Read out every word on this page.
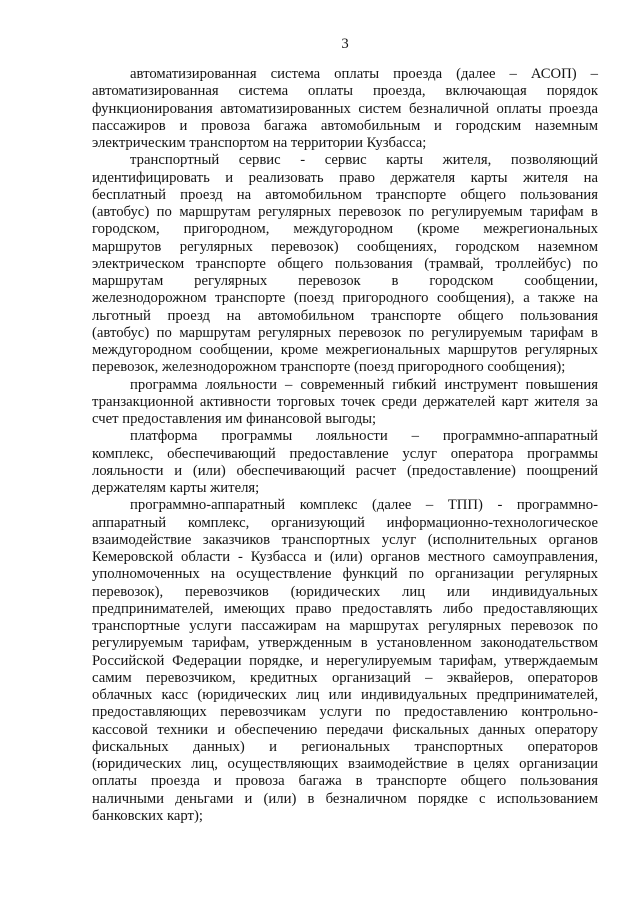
3
автоматизированная система оплаты проезда (далее – АСОП) –
автоматизированная система оплаты проезда, включающая порядок
функционирования автоматизированных систем безналичной оплаты проезда
пассажиров и провоза багажа автомобильным и городским наземным
электрическим транспортом на территории Кузбасса;
транспортный сервис - сервис карты жителя, позволяющий
идентифицировать и реализовать право держателя карты жителя на
бесплатный проезд на автомобильном транспорте общего пользования
(автобус) по маршрутам регулярных перевозок по регулируемым тарифам в
городском, пригородном, междугородном (кроме межрегиональных
маршрутов регулярных перевозок) сообщениях, городском наземном
электрическом транспорте общего пользования (трамвай, троллейбус) по
маршрутам регулярных перевозок в городском сообщении,
железнодорожном транспорте (поезд пригородного сообщения), а также на
льготный проезд на автомобильном транспорте общего пользования
(автобус) по маршрутам регулярных перевозок по регулируемым тарифам в
междугородном сообщении, кроме межрегиональных маршрутов регулярных
перевозок, железнодорожном транспорте (поезд пригородного сообщения);
программа лояльности – современный гибкий инструмент повышения
транзакционной активности торговых точек среди держателей карт жителя за
счет предоставления им финансовой выгоды;
платформа программы лояльности – программно-аппаратный
комплекс, обеспечивающий предоставление услуг оператора программы
лояльности и (или) обеспечивающий расчет (предоставление) поощрений
держателям карты жителя;
программно-аппаратный комплекс (далее – ТПП) - программно-
аппаратный комплекс, организующий информационно-технологическое
взаимодействие заказчиков транспортных услуг (исполнительных органов
Кемеровской области - Кузбасса и (или) органов местного самоуправления,
уполномоченных на осуществление функций по организации регулярных
перевозок), перевозчиков (юридических лиц или индивидуальных
предпринимателей, имеющих право предоставлять либо предоставляющих
транспортные услуги пассажирам на маршрутах регулярных перевозок по
регулируемым тарифам, утвержденным в установленном законодательством
Российской Федерации порядке, и нерегулируемым тарифам, утверждаемым
самим перевозчиком, кредитных организаций – эквайеров, операторов
облачных касс (юридических лиц или индивидуальных предпринимателей,
предоставляющих перевозчикам услуги по предоставлению контрольно-
кассовой техники и обеспечению передачи фискальных данных оператору
фискальных данных) и региональных транспортных операторов
(юридических лиц, осуществляющих взаимодействие в целях организации
оплаты проезда и провоза багажа в транспорте общего пользования
наличными деньгами и (или) в безналичном порядке с использованием
банковских карт);
